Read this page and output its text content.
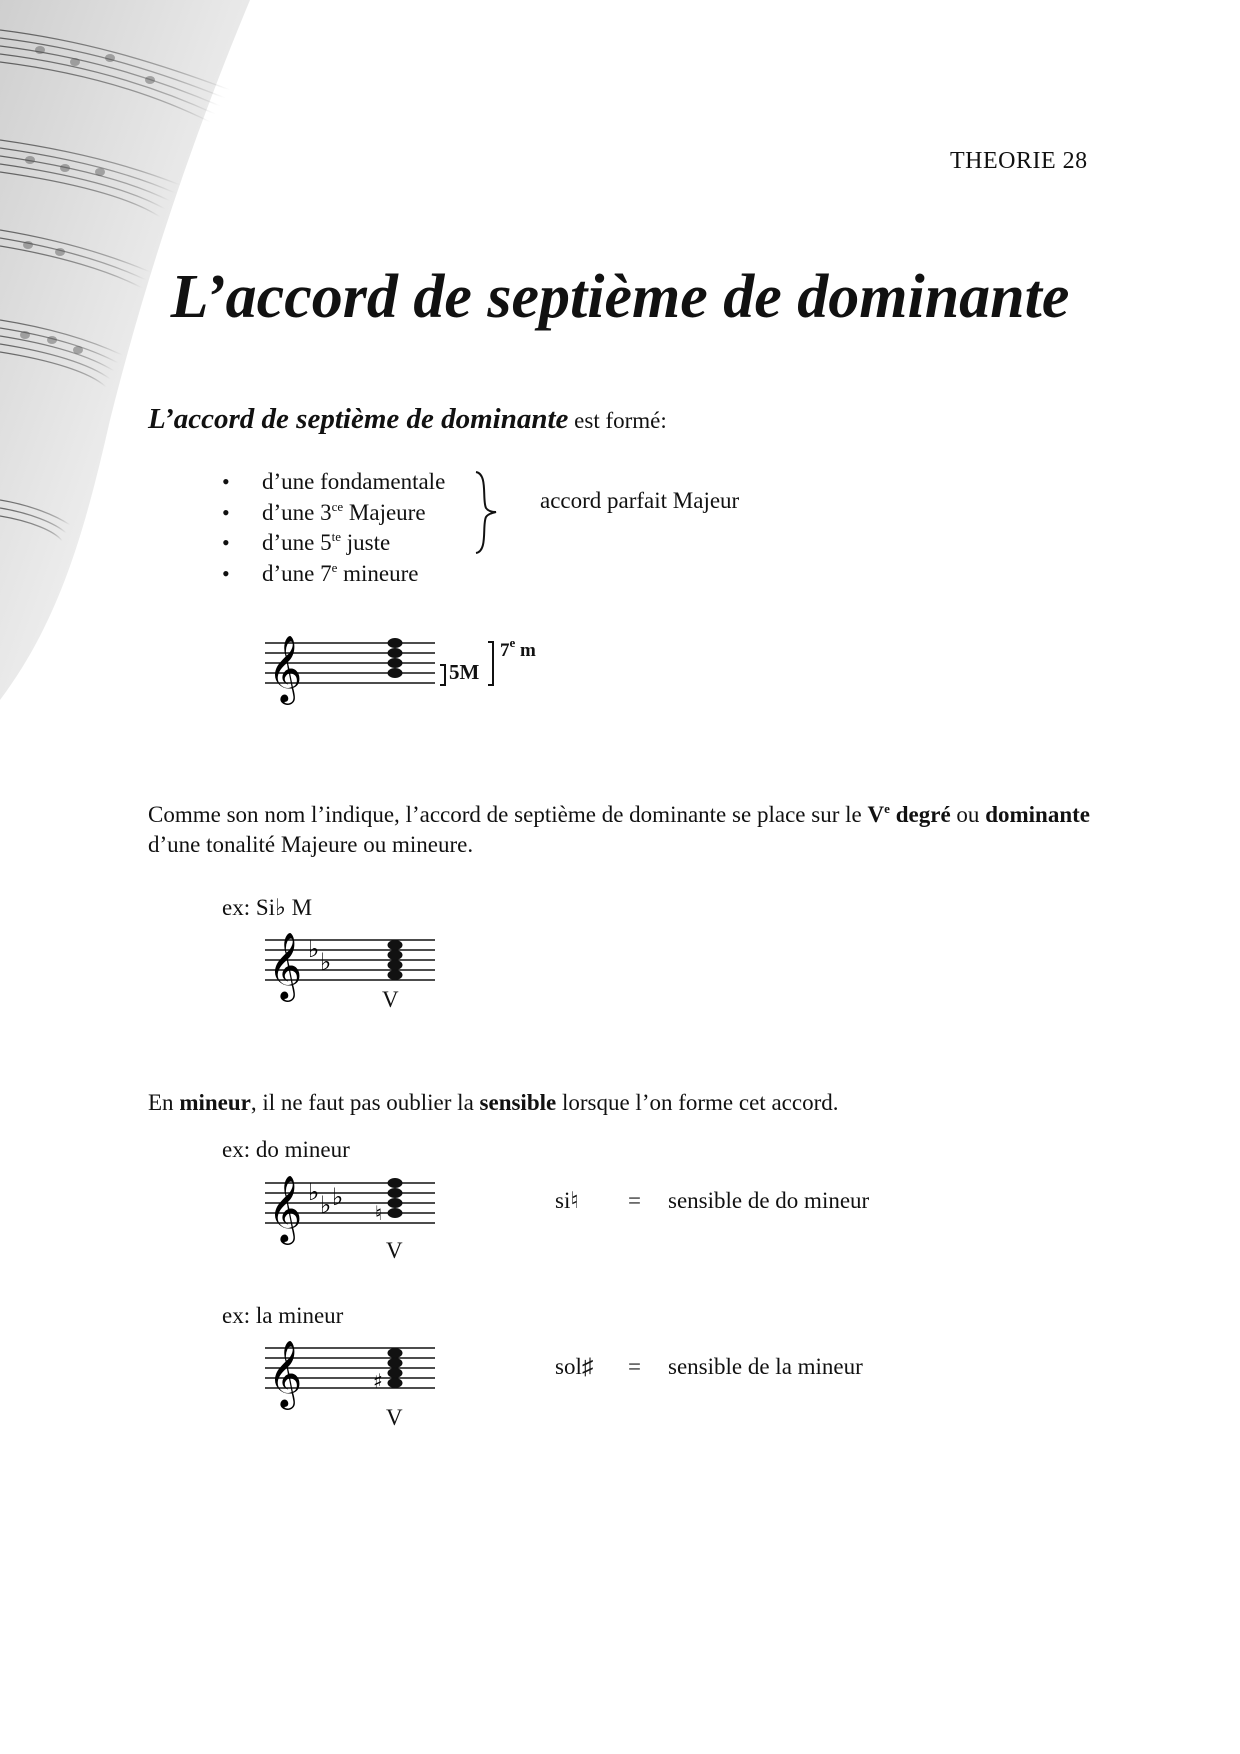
THEORIE 28
L’accord de septième de dominante
L’accord de septième de dominante est formé:
• d’une fondamentale
• d’une $3^{ce}$ Majeure
• d’une $5^{te}$ juste
• d’une 7e mineure
accord parfait Majeur
𝄞	5M
7e m
Comme son nom l’indique, l’accord de septième de dominante se place sur le Ve degré ou dominante d’une tonalité Majeure ou mineure.
ex: Si♭ M
𝄞 ♭ ♭
V
En mineur, il ne faut pas oublier la sensible lorsque l’on forme cet accord.
ex: do mineur
𝄞 ♭ ♭ ♭
♮
V
si♮ = sensible de do mineur
ex: la mineur
𝄞	♯
V
sol♯ = sensible de la mineur
